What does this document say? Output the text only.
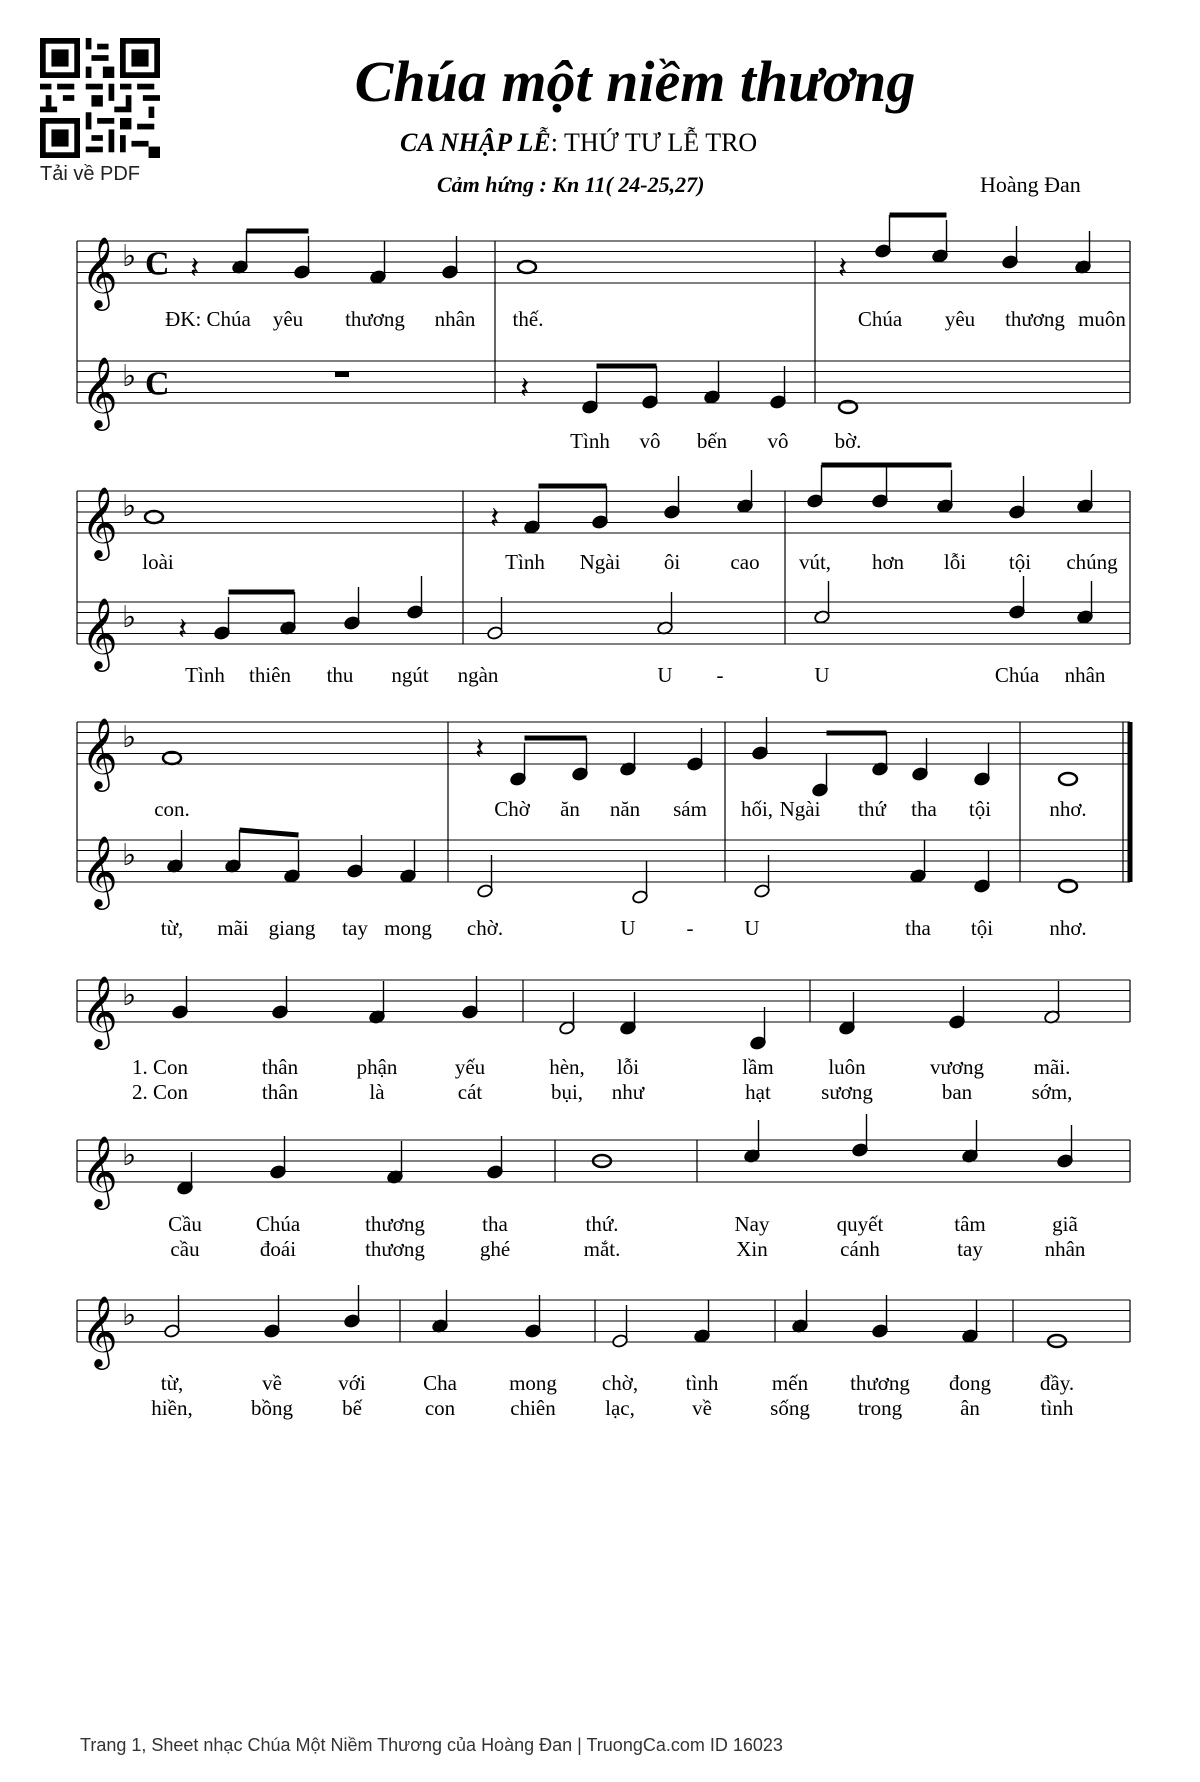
Tải về PDF
Chúa một niềm thương
CA NHẬP LỄ: THỨ TƯ LỄ TRO
Cảm hứng : Kn 11( 24-25,27)	Hoàng Đan
𝄞 ♭ C
𝄞 ♭ C
𝄽	𝄽
𝄽
ĐK: Chúa yêu thương nhân thế.	Chúa yêu thương muôn
Tình vô bến vô bờ.
𝄞 ♭
𝄞 ♭
𝄽
𝄽
loài	Tình Ngài ôi cao vút, hơn lỗi tội chúng
Tình thiên thu ngút ngàn	U -	U	Chúa nhân
𝄞 ♭
𝄞 ♭
𝄽
con.	Chờ ăn năn sám hối, Ngài thứ tha tội	nhơ.
từ, mãi giang tay mong chờ.	U - U	tha tội	nhơ.
𝄞 ♭
1. Con	thân	phận	yếu	hèn, lỗi	lầm	luôn	vương mãi.
2. Con	thân	là	cát	bụi, như	hạt sương	ban	sớm,
𝄞 ♭
Cầu	Chúa	thương	tha	thứ.	Nay	quyết	tâm	giã
cầu	đoái	thương	ghé	mắt.	Xin	cánh	tay	nhân
𝄞 ♭
từ,	về	với	Cha mong chờ, tình	mến thương đong đầy.
hiền,	bồng bế	con	chiên lạc,	về	sống trong	ân	tình
Trang 1, Sheet nhạc Chúa Một Niềm Thương của Hoàng Đan | TruongCa.com ID 16023
